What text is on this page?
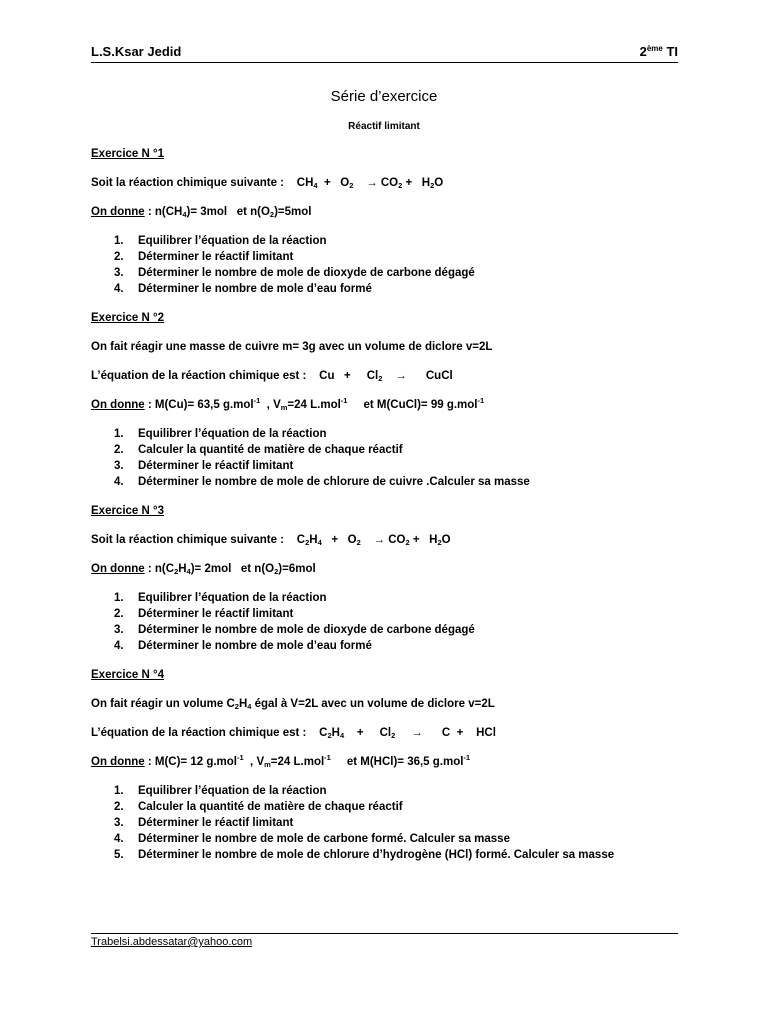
L.S.Ksar Jedid	2ème TI
Série d’exercice
Réactif limitant
Exercice N °1
Soit la réaction chimique suivante : $CH_4 + O_2$    → $CO_2 + H_2O$
On donne : $n(CH_4)= 3mol$   et $n(O_2)=5mol$
1. Equilibrer l’équation de la réaction
2. Déterminer le réactif limitant
3. Déterminer le nombre de mole de dioxyde de carbone dégagé
4. Déterminer le nombre de mole d’eau formé
Exercice N °2
On fait réagir une masse de cuivre m= 3g avec un volume de diclore v=2L
L’équation de la réaction chimique est : Cu   +     $Cl_2$    →      CuCl
On donne : M(Cu)= 63,5 g.mol$^{-1}$  , $V_m=24$ L.mol$^{-1}$     et M(CuCl)= 99 g.mol$^{-1}$
1. Equilibrer l’équation de la réaction
2. Calculer la quantité de matière de chaque réactif
3. Déterminer le réactif limitant
4. Déterminer le nombre de mole de chlorure de cuivre .Calculer sa masse
Exercice N °3
Soit la réaction chimique suivante : $C_2H_4 + O_2$    → $CO_2 + H_2O$
On donne : $n(C_2H_4)= 2mol$   et $n(O_2)=6mol$
1. Equilibrer l’équation de la réaction
2. Déterminer le réactif limitant
3. Déterminer le nombre de mole de dioxyde de carbone dégagé
4. Déterminer le nombre de mole d’eau formé
Exercice N °4
On fait réagir un volume $C_2H_4$ égal à V=2L avec un volume de diclore v=2L
L’équation de la réaction chimique est : $C_2H_4$    +     $Cl_2$     →      C  +    HCl
On donne : M(C)= 12 g.mol$^{-1}$  , $V_m=24$ L.mol$^{-1}$     et M(HCl)= 36,5 g.mol$^{-1}$
1. Equilibrer l’équation de la réaction
2. Calculer la quantité de matière de chaque réactif
3. Déterminer le réactif limitant
4. Déterminer le nombre de mole de carbone formé. Calculer sa masse
5. Déterminer le nombre de mole de chlorure d’hydrogène (HCl) formé. Calculer sa masse
Trabelsi.abdessatar@yahoo.com
